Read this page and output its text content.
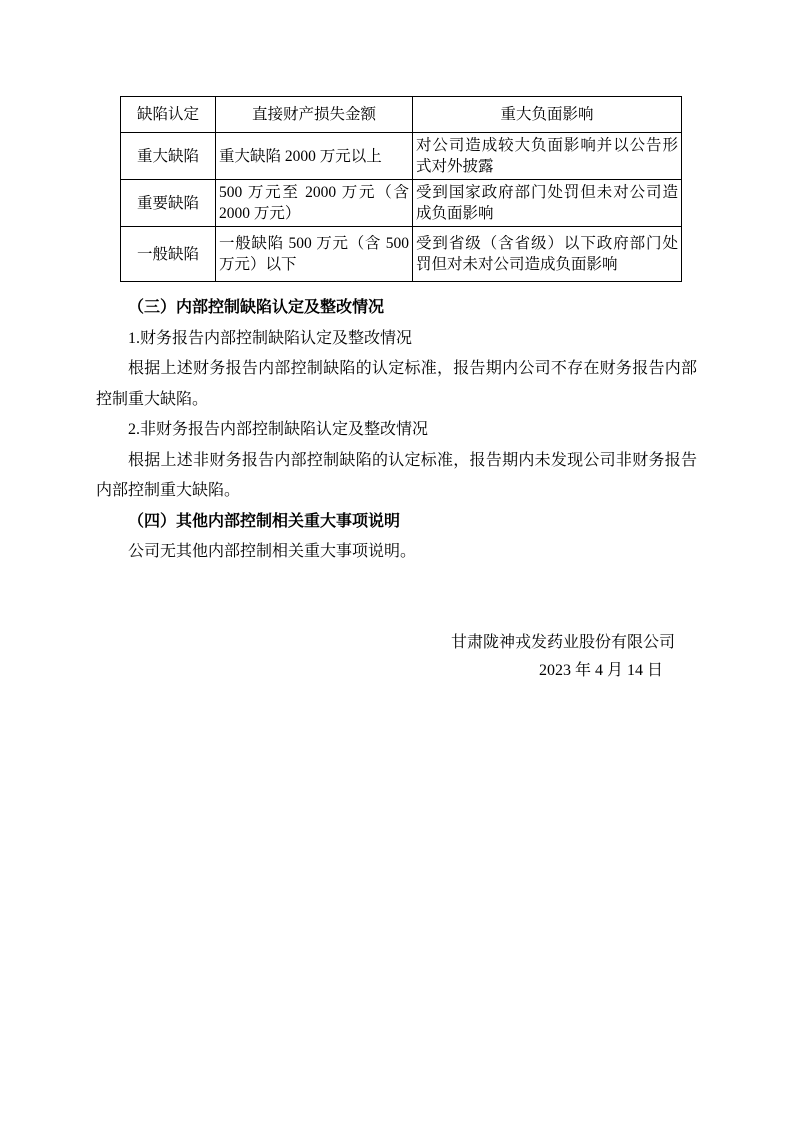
缺陷认定	直接财产损失金额	重大负面影响
重大缺陷	重大缺陷 2000 万元以上	对公司造成较大负面影响并以公告形式对外披露
重要缺陷	500 万元至 2000 万元（含2000 万元）	受到国家政府部门处罚但未对公司造成负面影响
一般缺陷	一般缺陷 500 万元（含 500万元）以下	受到省级（含省级）以下政府部门处罚但对未对公司造成负面影响
（三）内部控制缺陷认定及整改情况

1.财务报告内部控制缺陷认定及整改情况

根据上述财务报告内部控制缺陷的认定标准，报告期内公司不存在财务报告内部控制重大缺陷。

2.非财务报告内部控制缺陷认定及整改情况

根据上述非财务报告内部控制缺陷的认定标准，报告期内未发现公司非财务报告内部控制重大缺陷。

（四）其他内部控制相关重大事项说明

公司无其他内部控制相关重大事项说明。

甘肃陇神戎发药业股份有限公司
2023 年 4 月 14 日
